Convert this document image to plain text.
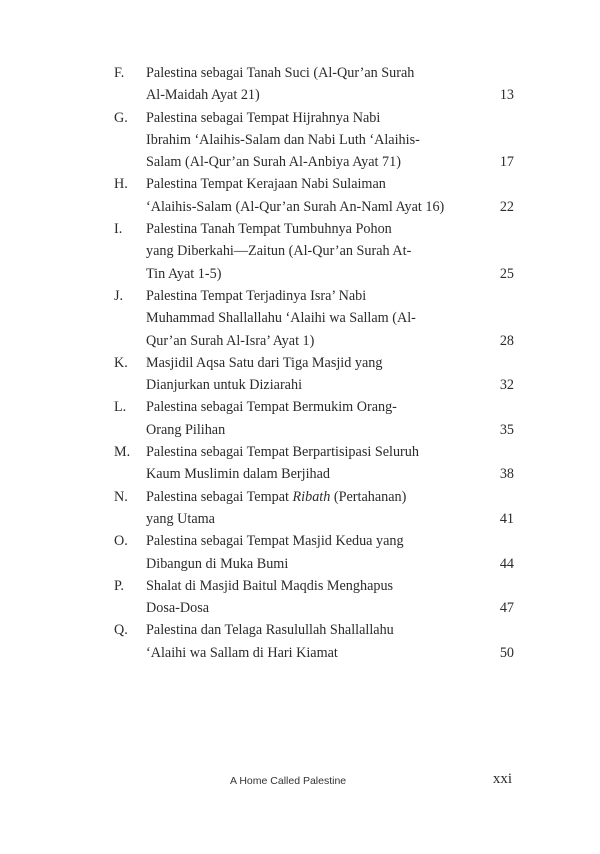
F.	Palestina sebagai Tanah Suci (Al-Qur’an Surah
Al-Maidah Ayat 21)	13
G.	Palestina sebagai Tempat Hijrahnya Nabi
Ibrahim ‘Alaihis-Salam dan Nabi Luth ‘Alaihis-
Salam (Al-Qur’an Surah Al-Anbiya Ayat 71)	17
H.	Palestina Tempat Kerajaan Nabi Sulaiman
‘Alaihis-Salam (Al-Qur’an Surah An-Naml Ayat 16)	22
I.	Palestina Tanah Tempat Tumbuhnya Pohon
yang Diberkahi—Zaitun (Al-Qur’an Surah At-
Tin Ayat 1-5)	25
J.	Palestina Tempat Terjadinya Isra’ Nabi
Muhammad Shallallahu ‘Alaihi wa Sallam (Al-
Qur’an Surah Al-Isra’ Ayat 1)	28
K.	Masjidil Aqsa Satu dari Tiga Masjid yang
Dianjurkan untuk Diziarahi	32
L.	Palestina sebagai Tempat Bermukim Orang-
Orang Pilihan	35
M.	Palestina sebagai Tempat Berpartisipasi Seluruh
Kaum Muslimin dalam Berjihad	38
N.	Palestina sebagai Tempat Ribath (Pertahanan)
yang Utama	41
O.	Palestina sebagai Tempat Masjid Kedua yang
Dibangun di Muka Bumi	44
P.	Shalat di Masjid Baitul Maqdis Menghapus
Dosa-Dosa	47
Q.	Palestina dan Telaga Rasulullah Shallallahu
‘Alaihi wa Sallam di Hari Kiamat	50
A Home Called Palestine	xxi
